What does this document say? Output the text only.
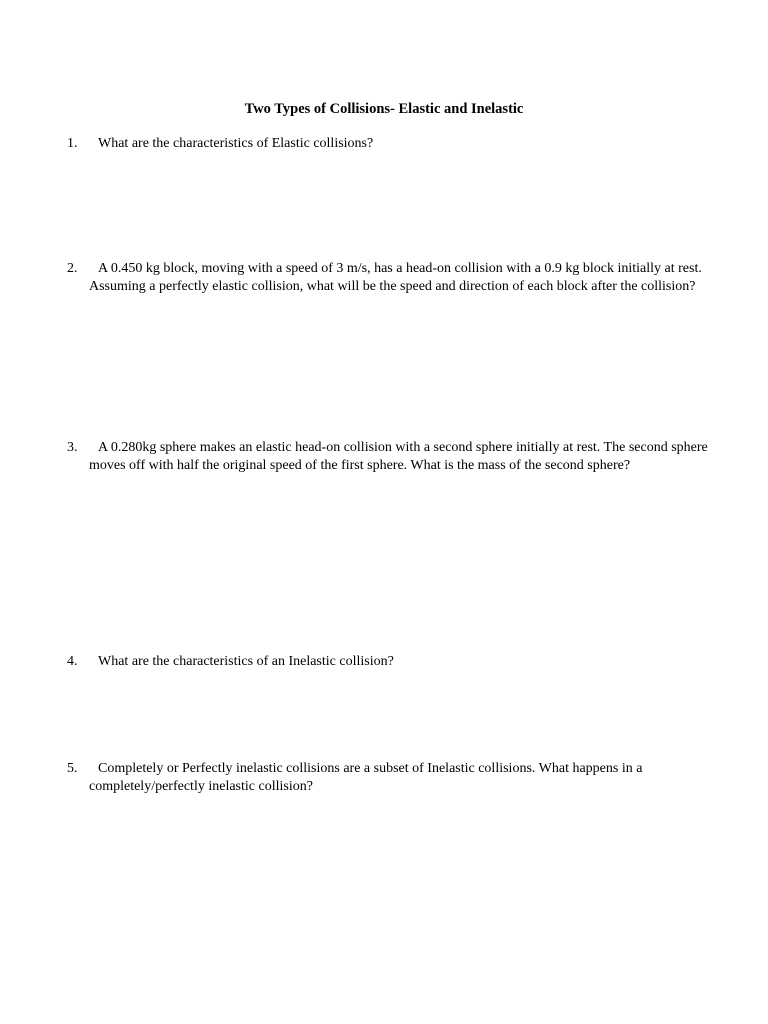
Two Types of Collisions- Elastic and Inelastic
1. What are the characteristics of Elastic collisions?
2.	A 0.450 kg block, moving with a speed of 3 m/s, has a head-on collision with a 0.9 kg block initially at rest. Assuming a perfectly elastic collision, what will be the speed and direction of each block after the collision?
3.	A 0.280kg sphere makes an elastic head-on collision with a second sphere initially at rest. The second sphere moves off with half the original speed of the first sphere. What is the mass of the second sphere?
4. What are the characteristics of an Inelastic collision?
5.	Completely or Perfectly inelastic collisions are a subset of Inelastic collisions. What happens in a completely/perfectly inelastic collision?
